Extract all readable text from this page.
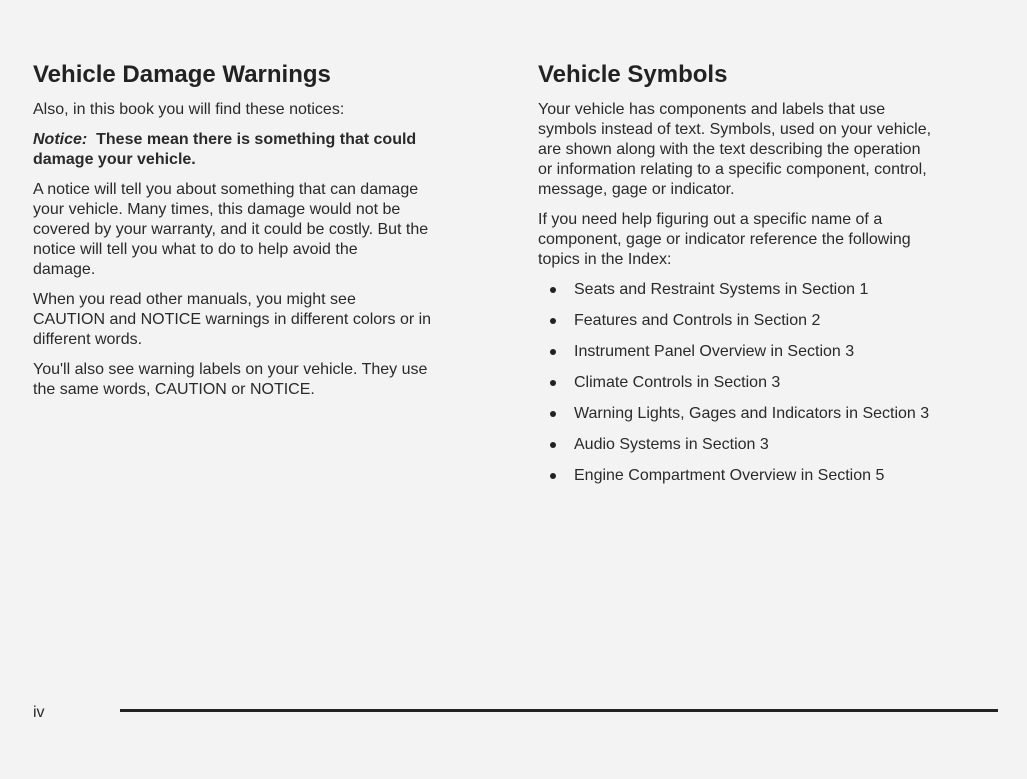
Vehicle Damage Warnings

Also, in this book you will find these notices:

Notice: These mean there is something that could
damage your vehicle.

A notice will tell you about something that can damage
your vehicle. Many times, this damage would not be
covered by your warranty, and it could be costly. But the
notice will tell you what to do to help avoid the
damage.

When you read other manuals, you might see
CAUTION and NOTICE warnings in different colors or in
different words.

You'll also see warning labels on your vehicle. They use
the same words, CAUTION or NOTICE.

Vehicle Symbols

Your vehicle has components and labels that use
symbols instead of text. Symbols, used on your vehicle,
are shown along with the text describing the operation
or information relating to a specific component, control,
message, gage or indicator.

If you need help figuring out a specific name of a
component, gage or indicator reference the following
topics in the Index:

Seats and Restraint Systems in Section 1
Features and Controls in Section 2
Instrument Panel Overview in Section 3
Climate Controls in Section 3
Warning Lights, Gages and Indicators in Section 3
Audio Systems in Section 3
Engine Compartment Overview in Section 5
iv
